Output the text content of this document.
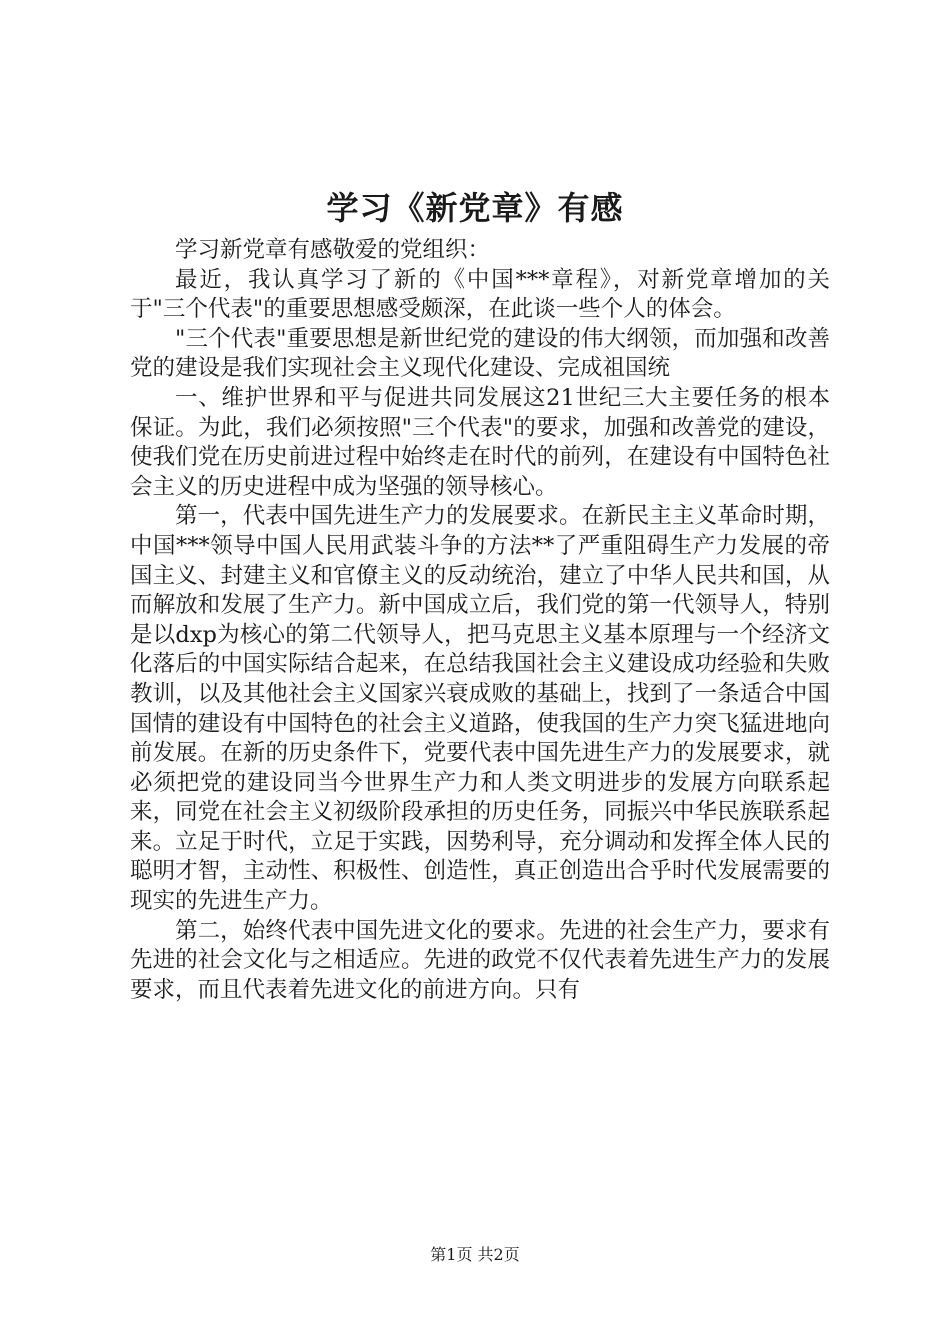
学习《新党章》有感

学习新党章有感敬爱的党组织：

最近，我认真学习了新的《中国***章程》，对新党章增加的关于"三个代表"的重要思想感受颇深，在此谈一些个人的体会。

"三个代表"重要思想是新世纪党的建设的伟大纲领，而加强和改善党的建设是我们实现社会主义现代化建设、完成祖国统

一、维护世界和平与促进共同发展这21世纪三大主要任务的根本保证。为此，我们必须按照"三个代表"的要求，加强和改善党的建设，使我们党在历史前进过程中始终走在时代的前列，在建设有中国特色社会主义的历史进程中成为坚强的领导核心。

第一，代表中国先进生产力的发展要求。在新民主主义革命时期，中国***领导中国人民用武装斗争的方法**了严重阻碍生产力发展的帝国主义、封建主义和官僚主义的反动统治，建立了中华人民共和国，从而解放和发展了生产力。新中国成立后，我们党的第一代领导人，特别是以dxp为核心的第二代领导人，把马克思主义基本原理与一个经济文化落后的中国实际结合起来，在总结我国社会主义建设成功经验和失败教训，以及其他社会主义国家兴衰成败的基础上，找到了一条适合中国国情的建设有中国特色的社会主义道路，使我国的生产力突飞猛进地向前发展。在新的历史条件下，党要代表中国先进生产力的发展要求，就必须把党的建设同当今世界生产力和人类文明进步的发展方向联系起来，同党在社会主义初级阶段承担的历史任务，同振兴中华民族联系起来。立足于时代，立足于实践，因势利导，充分调动和发挥全体人民的聪明才智，主动性、积极性、创造性，真正创造出合乎时代发展需要的现实的先进生产力。

第二，始终代表中国先进文化的要求。先进的社会生产力，要求有先进的社会文化与之相适应。先进的政党不仅代表着先进生产力的发展要求，而且代表着先进文化的前进方向。只有

第1页 共2页
